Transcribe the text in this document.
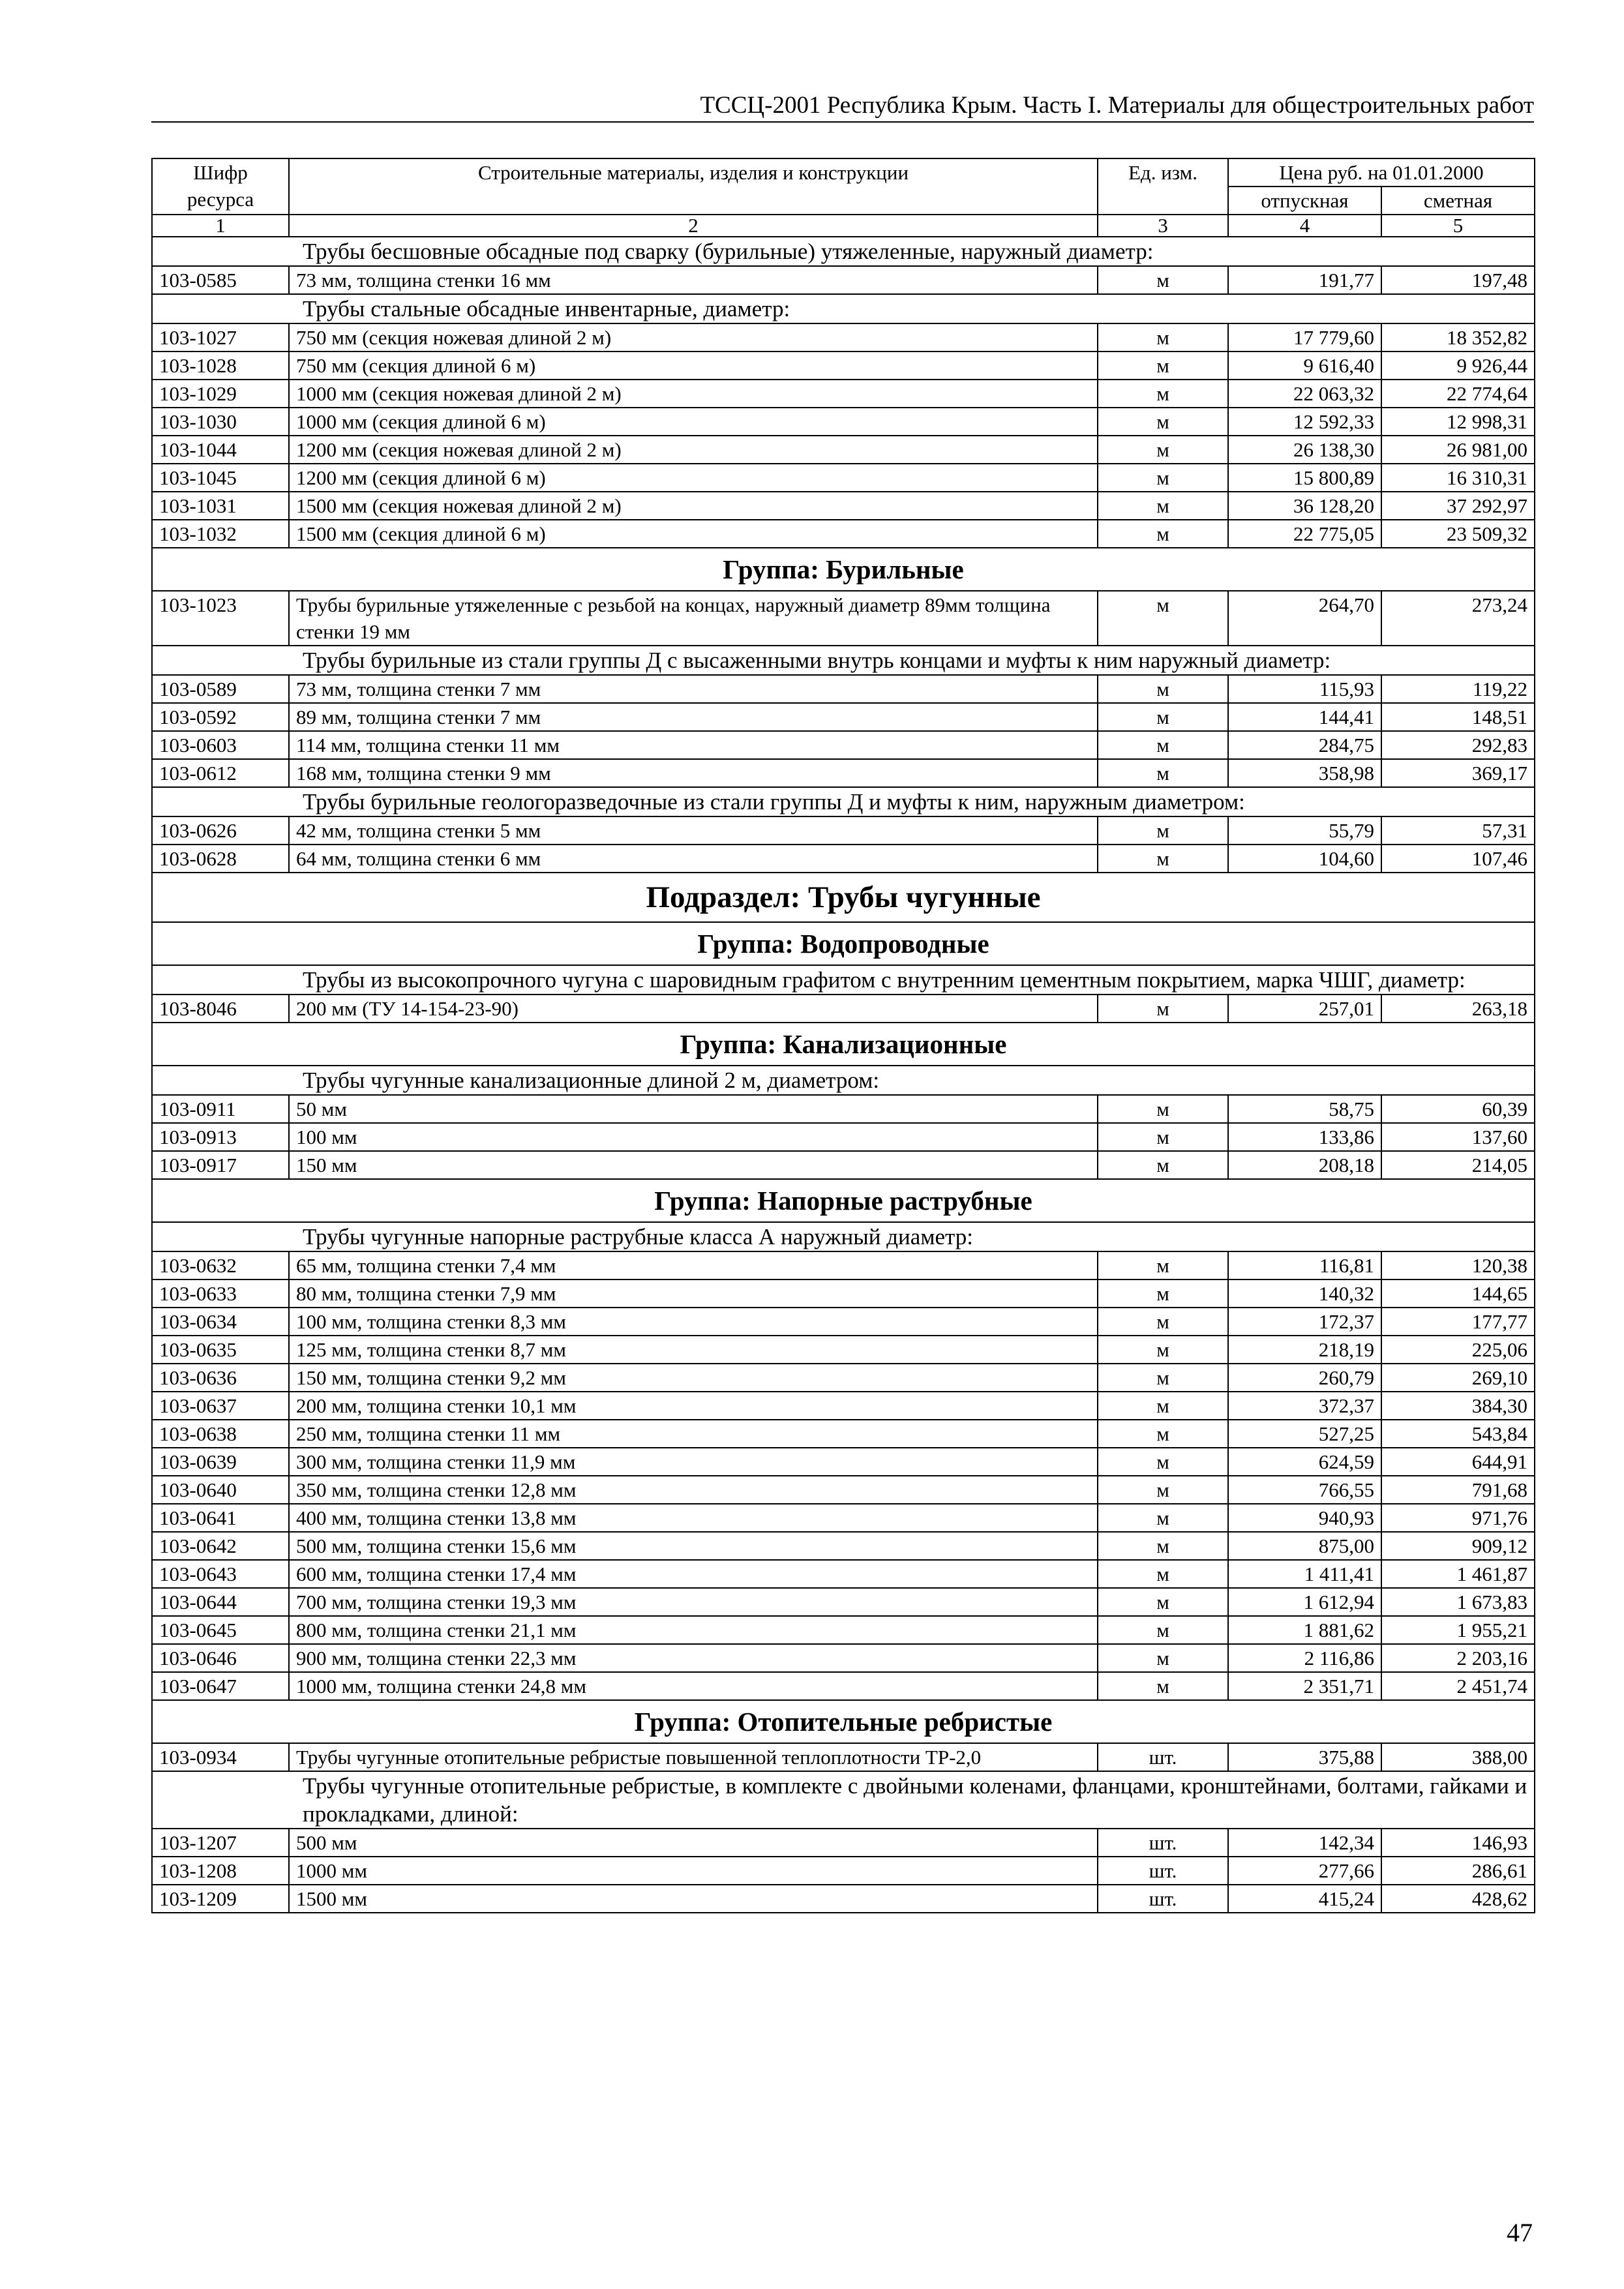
ТССЦ-2001 Республика Крым. Часть I. Материалы для общестроительных работ
Шифр ресурса	Строительные материалы, изделия и конструкции	Ед. изм.	Цена руб. на 01.01.2000	
			отпускная	сметная
1	2	3	4	5
Трубы бесшовные обсадные под сварку (бурильные) утяжеленные, наружный диаметр:				
103-0585	73 мм, толщина стенки 16 мм	м	191,77	197,48
Трубы стальные обсадные инвентарные, диаметр:				
103-1027	750 мм (секция ножевая длиной 2 м)	м	17 779,60	18 352,82
103-1028	750 мм (секция длиной 6 м)	м	9 616,40	9 926,44
103-1029	1000 мм (секция ножевая длиной 2 м)	м	22 063,32	22 774,64
103-1030	1000 мм (секция длиной 6 м)	м	12 592,33	12 998,31
103-1044	1200 мм (секция ножевая длиной 2 м)	м	26 138,30	26 981,00
103-1045	1200 мм (секция длиной 6 м)	м	15 800,89	16 310,31
103-1031	1500 мм (секция ножевая длиной 2 м)	м	36 128,20	37 292,97
103-1032	1500 мм (секция длиной 6 м)	м	22 775,05	23 509,32
Группа: Бурильные				
103-1023	Трубы бурильные утяжеленные с резьбой на концах, наружный диаметр 89мм толщина стенки 19 мм	м	264,70	273,24
Трубы бурильные из стали группы Д с высаженными внутрь концами и муфты к ним наружный диаметр:				
103-0589	73 мм, толщина стенки 7 мм	м	115,93	119,22
103-0592	89 мм, толщина стенки 7 мм	м	144,41	148,51
103-0603	114 мм, толщина стенки 11 мм	м	284,75	292,83
103-0612	168 мм, толщина стенки 9 мм	м	358,98	369,17
Трубы бурильные геологоразведочные из стали группы Д и муфты к ним, наружным диаметром:				
103-0626	42 мм, толщина стенки 5 мм	м	55,79	57,31
103-0628	64 мм, толщина стенки 6 мм	м	104,60	107,46
Подраздел: Трубы чугунные				
Группа: Водопроводные				
Трубы из высокопрочного чугуна с шаровидным графитом с внутренним цементным покрытием, марка ЧШГ, диаметр:				
103-8046	200 мм (ТУ 14-154-23-90)	м	257,01	263,18
Группа: Канализационные				
Трубы чугунные канализационные длиной 2 м, диаметром:				
103-0911	50 мм	м	58,75	60,39
103-0913	100 мм	м	133,86	137,60
103-0917	150 мм	м	208,18	214,05
Группа: Напорные раструбные				
Трубы чугунные напорные раструбные класса А наружный диаметр:				
103-0632	65 мм, толщина стенки 7,4 мм	м	116,81	120,38
103-0633	80 мм, толщина стенки 7,9 мм	м	140,32	144,65
103-0634	100 мм, толщина стенки 8,3 мм	м	172,37	177,77
103-0635	125 мм, толщина стенки 8,7 мм	м	218,19	225,06
103-0636	150 мм, толщина стенки 9,2 мм	м	260,79	269,10
103-0637	200 мм, толщина стенки 10,1 мм	м	372,37	384,30
103-0638	250 мм, толщина стенки 11 мм	м	527,25	543,84
103-0639	300 мм, толщина стенки 11,9 мм	м	624,59	644,91
103-0640	350 мм, толщина стенки 12,8 мм	м	766,55	791,68
103-0641	400 мм, толщина стенки 13,8 мм	м	940,93	971,76
103-0642	500 мм, толщина стенки 15,6 мм	м	875,00	909,12
103-0643	600 мм, толщина стенки 17,4 мм	м	1 411,41	1 461,87
103-0644	700 мм, толщина стенки 19,3 мм	м	1 612,94	1 673,83
103-0645	800 мм, толщина стенки 21,1 мм	м	1 881,62	1 955,21
103-0646	900 мм, толщина стенки 22,3 мм	м	2 116,86	2 203,16
103-0647	1000 мм, толщина стенки 24,8 мм	м	2 351,71	2 451,74
Группа: Отопительные ребристые				
103-0934	Трубы чугунные отопительные ребристые повышенной теплоплотности ТР-2,0	шт.	375,88	388,00
Трубы чугунные отопительные ребристые, в комплекте с двойными коленами, фланцами, кронштейнами, болтами, гайками и прокладками, длиной:				
103-1207	500 мм	шт.	142,34	146,93
103-1208	1000 мм	шт.	277,66	286,61
103-1209	1500 мм	шт.	415,24	428,62
47
